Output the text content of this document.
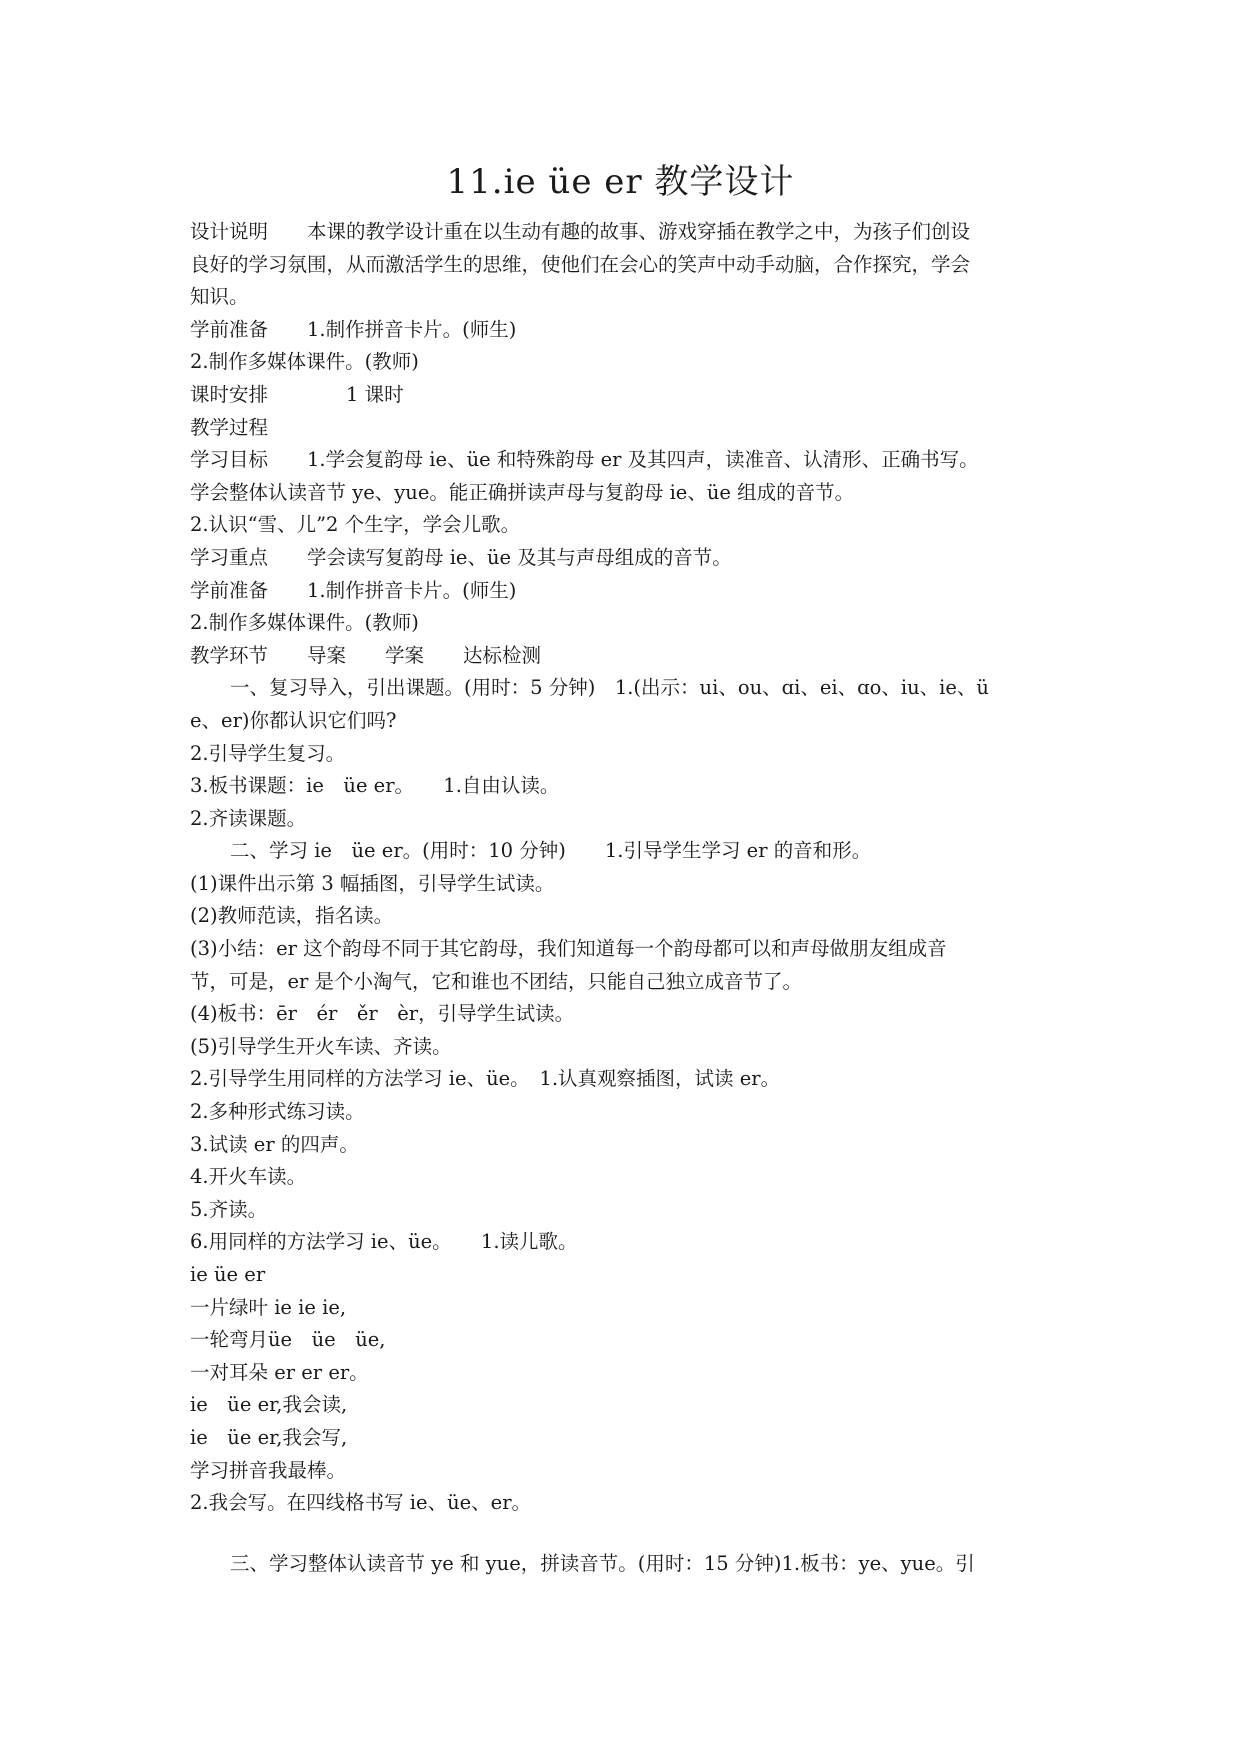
11.ie üe er 教学设计

设计说明　　本课的教学设计重在以生动有趣的故事、游戏穿插在教学之中，为孩子们创设

良好的学习氛围，从而激活学生的思维，使他们在会心的笑声中动手动脑，合作探究，学会

知识。

学前准备　　1.制作拼音卡片。(师生)

2.制作多媒体课件。(教师)

课时安排　　　　1 课时

教学过程

学习目标　　1.学会复韵母 ie、üe 和特殊韵母 er 及其四声，读准音、认清形、正确书写。

学会整体认读音节 ye、yue。能正确拼读声母与复韵母 ie、üe 组成的音节。

2.认识“雪、儿”2 个生字，学会儿歌。

学习重点　　学会读写复韵母 ie、üe 及其与声母组成的音节。

学前准备　　1.制作拼音卡片。(师生)

2.制作多媒体课件。(教师)

教学环节　　导案　　学案　　达标检测

一、复习导入，引出课题。(用时：5 分钟)　1.(出示：ui、ou、ɑi、ei、ɑo、iu、ie、ü

e、er)你都认识它们吗?

2.引导学生复习。

3.板书课题：ie　üe er。　　1.自由认读。

2.齐读课题。

二、学习 ie　üe er。(用时：10 分钟)　　1.引导学生学习 er 的音和形。

(1)课件出示第 3 幅插图，引导学生试读。

(2)教师范读，指名读。

(3)小结：er 这个韵母不同于其它韵母，我们知道每一个韵母都可以和声母做朋友组成音

节，可是，er 是个小淘气，它和谁也不团结，只能自己独立成音节了。

(4)板书：ēr　ér　ěr　èr，引导学生试读。

(5)引导学生开火车读、齐读。

2.引导学生用同样的方法学习 ie、üe。　1.认真观察插图，试读 er。

2.多种形式练习读。

3.试读 er 的四声。

4.开火车读。

5.齐读。

6.用同样的方法学习 ie、üe。　　1.读儿歌。

ie üe er

一片绿叶 ie ie ie,

一轮弯月üe　üe　üe,

一对耳朵 er er er。

ie　üe er,我会读,

ie　üe er,我会写,

学习拼音我最棒。

2.我会写。在四线格书写 ie、üe、er。

三、学习整体认读音节 ye 和 yue，拼读音节。(用时：15 分钟)1.板书：ye、yue。引
